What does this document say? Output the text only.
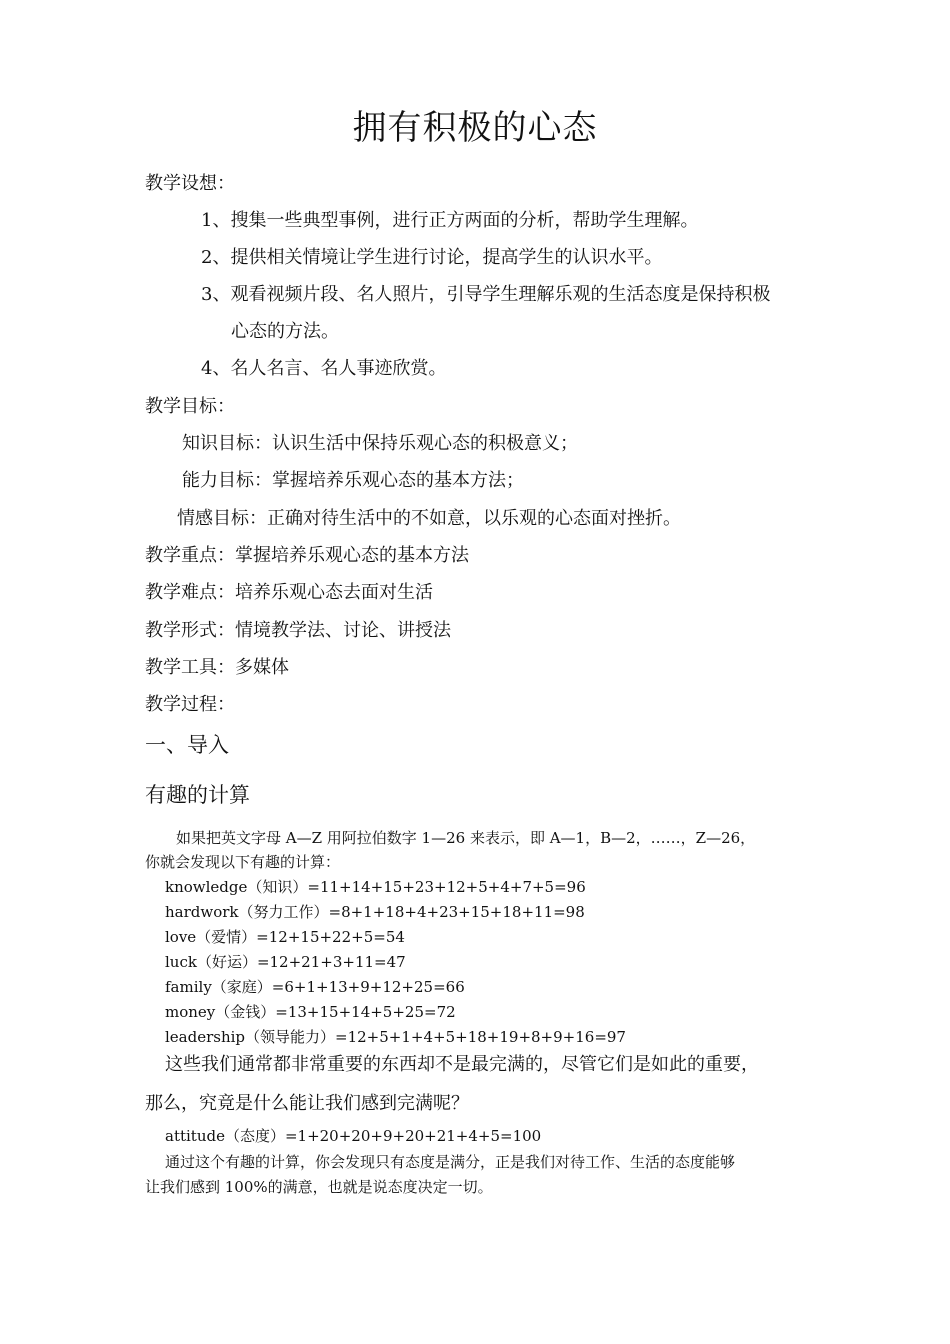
拥有积极的心态
教学设想：
1、搜集一些典型事例，进行正方两面的分析，帮助学生理解。
2、提供相关情境让学生进行讨论，提高学生的认识水平。
3、观看视频片段、名人照片，引导学生理解乐观的生活态度是保持积极
心态的方法。
4、名人名言、名人事迹欣赏。
教学目标：
知识目标：认识生活中保持乐观心态的积极意义；
能力目标：掌握培养乐观心态的基本方法；
情感目标：正确对待生活中的不如意，以乐观的心态面对挫折。
教学重点：掌握培养乐观心态的基本方法
教学难点：培养乐观心态去面对生活
教学形式：情境教学法、讨论、讲授法
教学工具：多媒体
教学过程：
一、导入
有趣的计算
如果把英文字母 A—Z 用阿拉伯数字 1—26 来表示，即 A—1，B—2，……，Z—26，
你就会发现以下有趣的计算：
knowledge（知识）=11+14+15+23+12+5+4+7+5=96
hardwork（努力工作）=8+1+18+4+23+15+18+11=98
love（爱情）=12+15+22+5=54
luck（好运）=12+21+3+11=47
family（家庭）=6+1+13+9+12+25=66
money（金钱）=13+15+14+5+25=72
leadership（领导能力）=12+5+1+4+5+18+19+8+9+16=97
这些我们通常都非常重要的东西却不是最完满的，尽管它们是如此的重要，
那么，究竟是什么能让我们感到完满呢？
attitude（态度）=1+20+20+9+20+21+4+5=100
通过这个有趣的计算，你会发现只有态度是满分，正是我们对待工作、生活的态度能够
让我们感到 100%的满意，也就是说态度决定一切。
